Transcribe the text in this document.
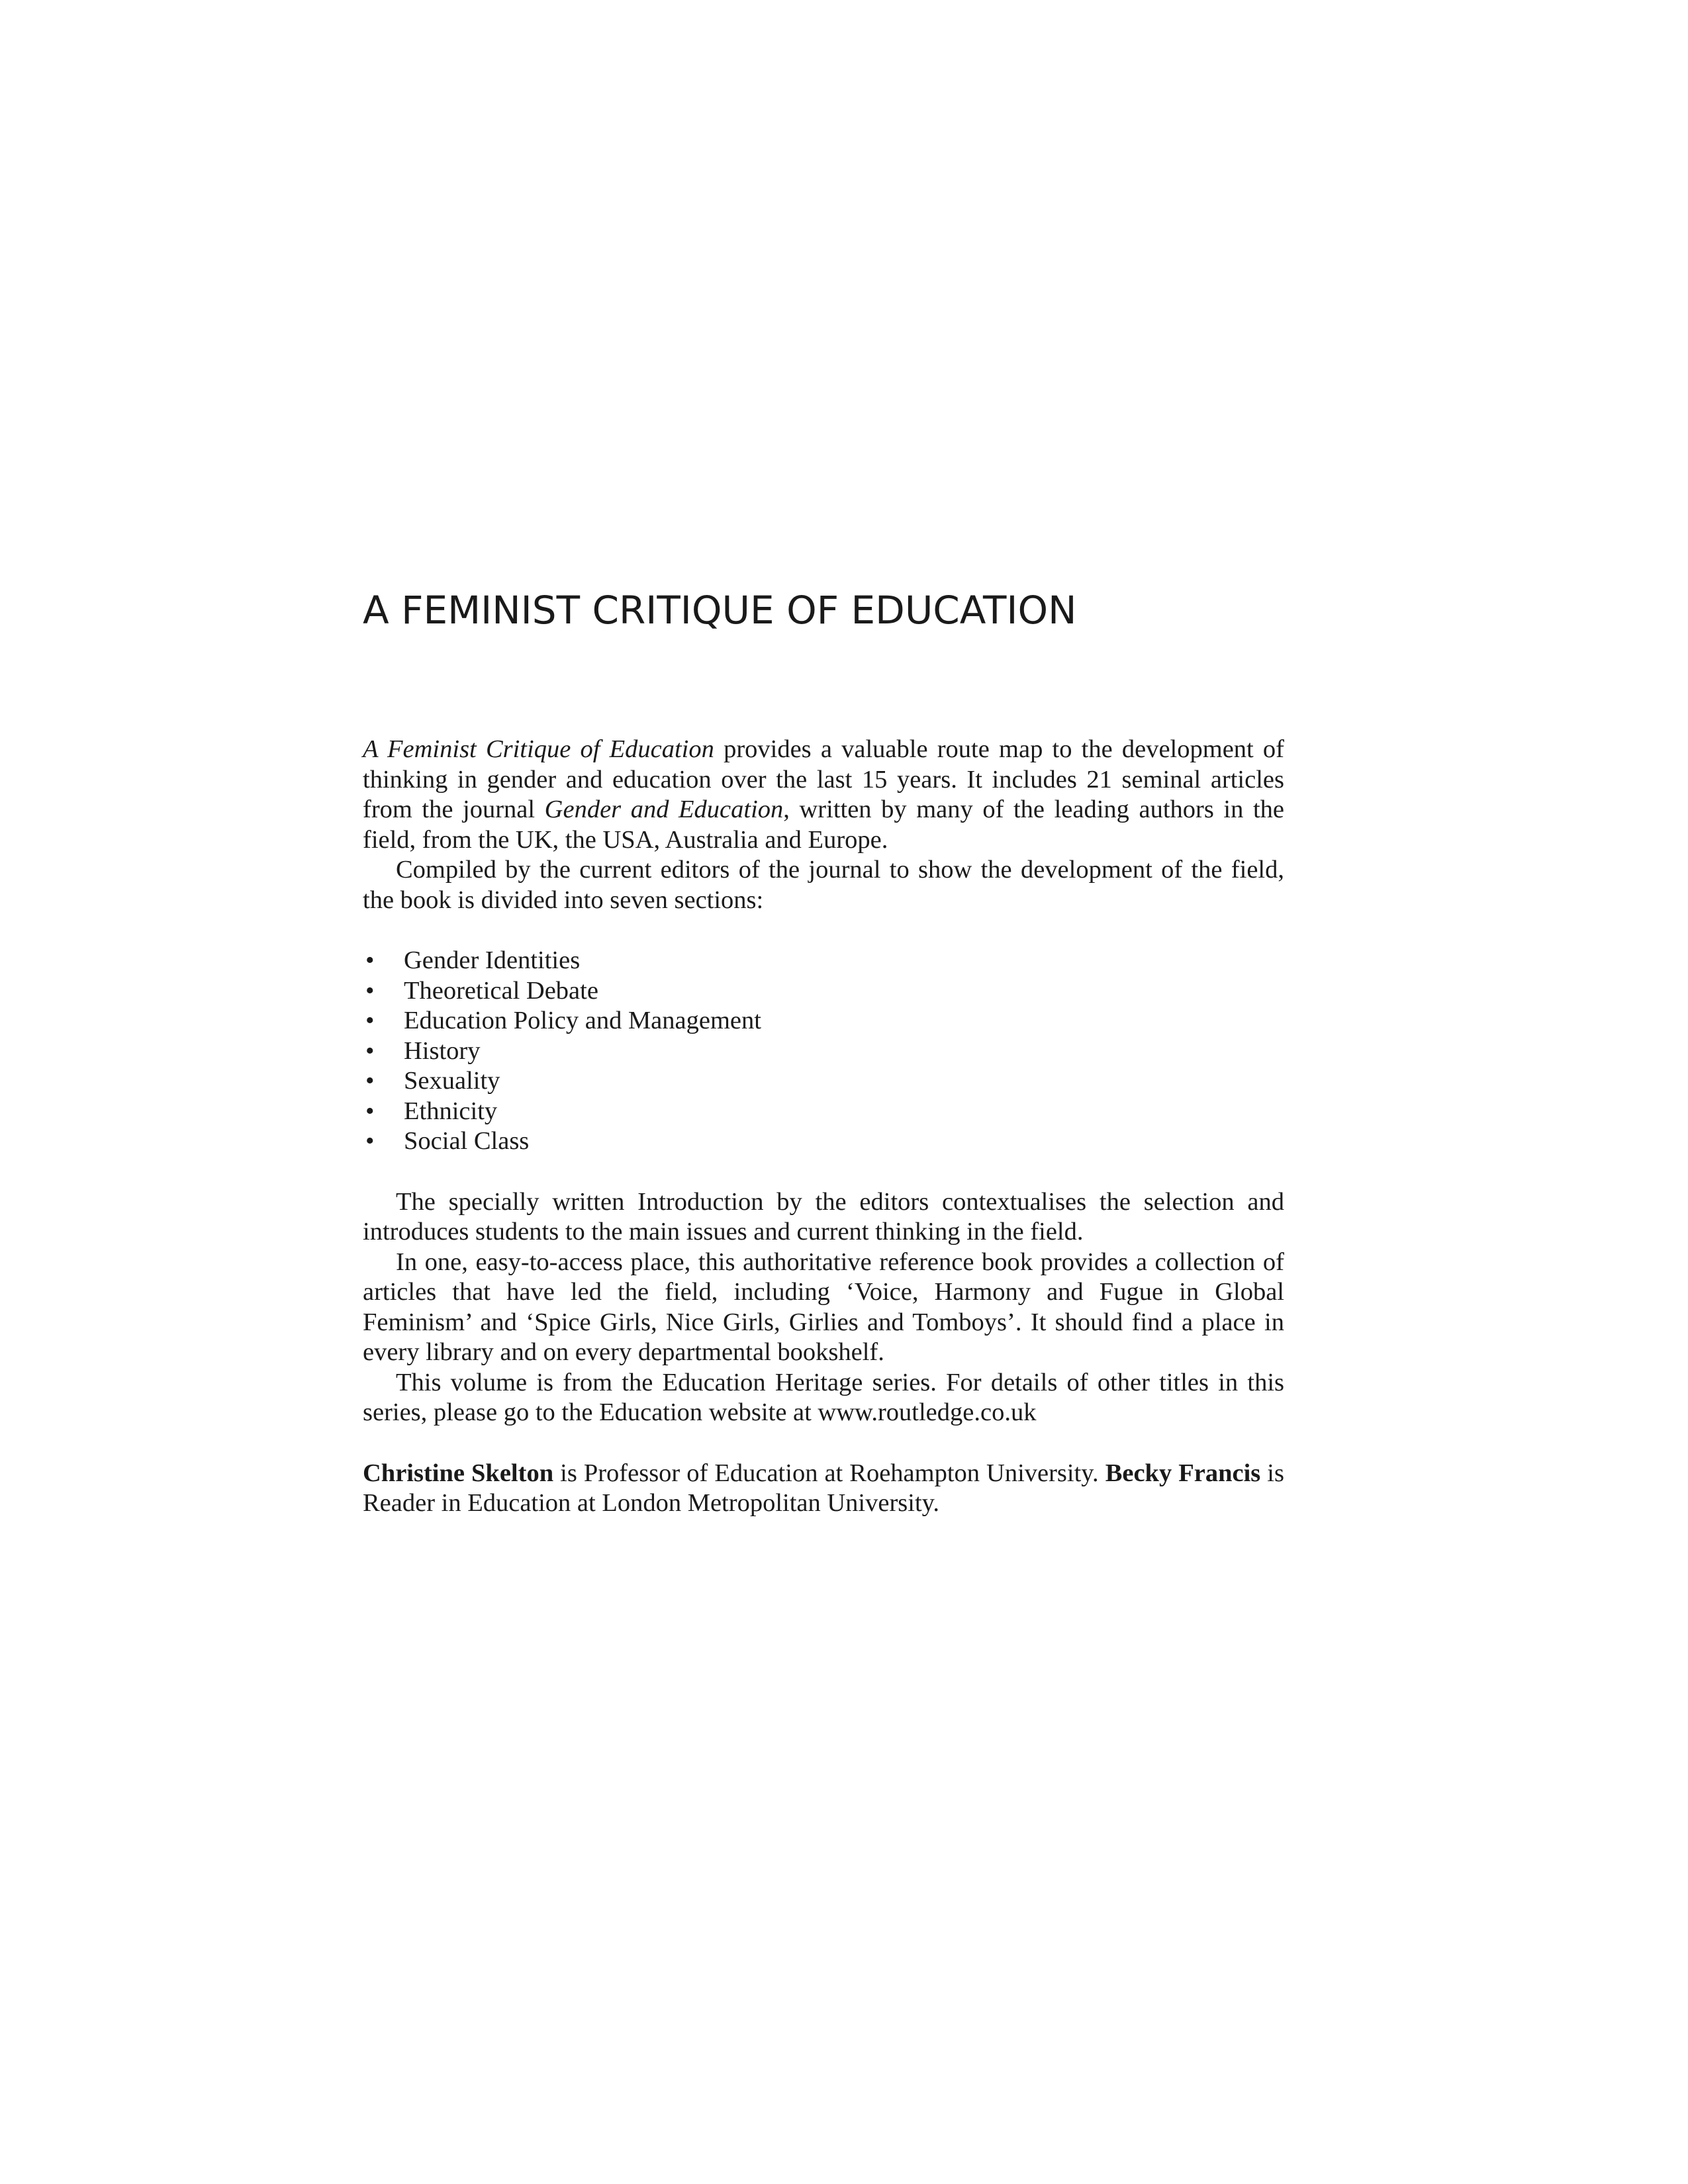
A FEMINIST CRITIQUE OF EDUCATION

A Feminist Critique of Education provides a valuable route map to the development of thinking in gender and education over the last 15 years. It includes 21 seminal articles from the journal Gender and Education, written by many of the leading authors in the field, from the UK, the USA, Australia and Europe.

Compiled by the current editors of the journal to show the development of the field, the book is divided into seven sections:

• Gender Identities
• Theoretical Debate
• Education Policy and Management
• History
• Sexuality
• Ethnicity
• Social Class

The specially written Introduction by the editors contextualises the selection and introduces students to the main issues and current thinking in the field.

In one, easy-to-access place, this authoritative reference book provides a collection of articles that have led the field, including ‘Voice, Harmony and Fugue in Global Feminism’ and ‘Spice Girls, Nice Girls, Girlies and Tomboys’. It should find a place in every library and on every departmental bookshelf.

This volume is from the Education Heritage series. For details of other titles in this series, please go to the Education website at www.routledge.co.uk

Christine Skelton is Professor of Education at Roehampton University. Becky Francis is Reader in Education at London Metropolitan University.
